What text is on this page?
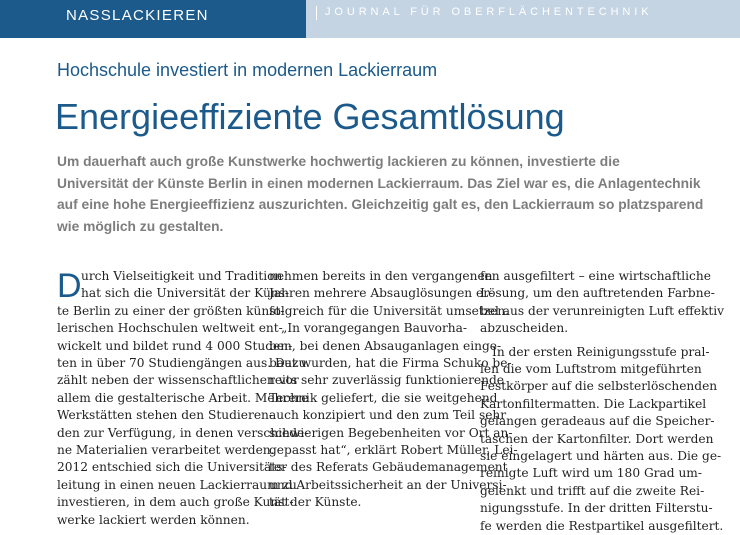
NASSLACKIEREN	JOURNAL FÜR OBERFLÄCHENTECHNIK
Hochschule investiert in modernen Lackierraum
Energieeffiziente Gesamtlösung

Um dauerhaft auch große Kunstwerke hochwertig lackieren zu können, investierte die
Universität der Künste Berlin in einen modernen Lackierraum. Das Ziel war es, die Anlagentechnik
auf eine hohe Energieeffizienz auszurichten. Gleichzeitig galt es, den Lackierraum so platzsparend
wie möglich zu gestalten.

D urch Vielseitigkeit und Tradition
hat sich die Universität der Küns-
te Berlin zu einer der größten künst-
lerischen Hochschulen weltweit ent-
wickelt und bildet rund 4 000 Studen-
ten in über 70 Studiengängen aus. Dazu
zählt neben der wissenschaftlichen vor
allem die gestalterische Arbeit. Mehrere
Werkstätten stehen den Studieren-
den zur Verfügung, in denen verschiede-
ne Materialien verarbeitet werden.
2012 entschied sich die Universitäts-
leitung in einen neuen Lackierraum zu
investieren, in dem auch große Kunst-
werke lackiert werden können.

nehmen bereits in den vergangenen
Jahren mehrere Absauglösungen er-
folgreich für die Universität umsetzen.
„In vorangegangen Bauvorha-
ben, bei denen Absauganlagen einge-
baut wurden, hat die Firma Schuko be-
reits sehr zuverlässig funktionierende
Technik geliefert, die sie weitgehend
auch konzipiert und den zum Teil sehr
schwierigen Begebenheiten vor Ort an-
gepasst hat“, erklärt Robert Müller, Lei-
ter des Referats Gebäudemanagement
und Arbeitssicherheit an der Universi-
tät der Künste.

fen ausgefiltert – eine wirtschaftliche
Lösung, um den auftretenden Farbne-
bel aus der verunreinigten Luft effektiv
abzuscheiden.
In der ersten Reinigungsstufe pral-
len die vom Luftstrom mitgeführten
Festkörper auf die selbsterlöschenden
Kartonfiltermatten. Die Lackpartikel
gelangen geradeaus auf die Speicher-
taschen der Kartonfilter. Dort werden
sie eingelagert und härten aus. Die ge-
reinigte Luft wird um 180 Grad um-
gelenkt und trifft auf die zweite Rei-
nigungsstufe. In der dritten Filterstu-
fe werden die Restpartikel ausgefiltert.
